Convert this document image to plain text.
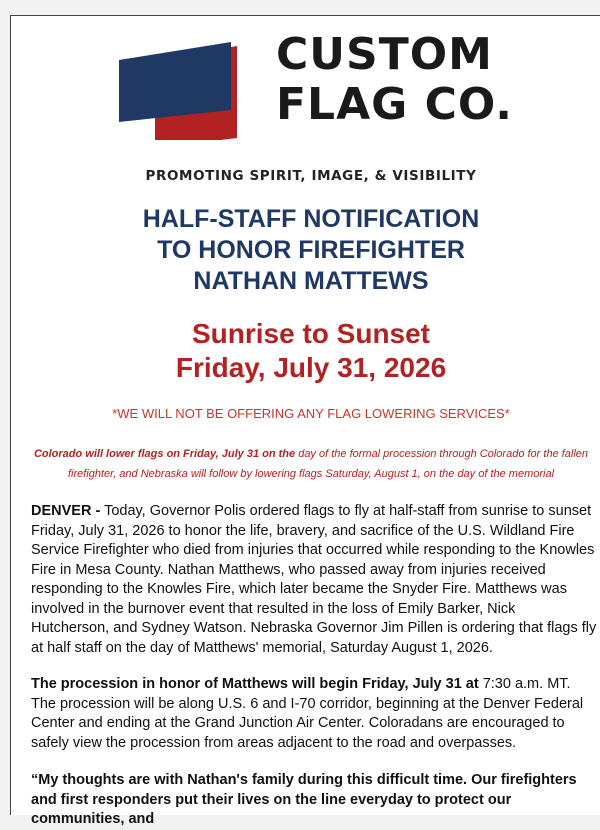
CUSTOM
FLAG CO.
PROMOTING SPIRIT, IMAGE, & VISIBILITY
HALF-STAFF NOTIFICATION
TO HONOR FIREFIGHTER
NATHAN MATTEWS
Sunrise to Sunset
Friday, July 31, 2026
*WE WILL NOT BE OFFERING ANY FLAG LOWERING SERVICES*
Colorado will lower flags on Friday, July 31 on the day of the formal procession through Colorado for the fallen firefighter, and Nebraska will follow by lowering flags Saturday, August 1, on the day of the memorial
DENVER - Today, Governor Polis ordered flags to fly at half-staff from sunrise to sunset Friday, July 31, 2026 to honor the life, bravery, and sacrifice of the U.S. Wildland Fire Service Firefighter who died from injuries that occurred while responding to the Knowles Fire in Mesa County. Nathan Matthews, who passed away from injuries received responding to the Knowles Fire, which later became the Snyder Fire. Matthews was involved in the burnover event that resulted in the loss of Emily Barker, Nick Hutcherson, and Sydney Watson. Nebraska Governor Jim Pillen is ordering that flags fly at half staff on the day of Matthews' memorial, Saturday August 1, 2026.
The procession in honor of Matthews will begin Friday, July 31 at 7:30 a.m. MT. The procession will be along U.S. 6 and I-70 corridor, beginning at the Denver Federal Center and ending at the Grand Junction Air Center. Coloradans are encouraged to safely view the procession from areas adjacent to the road and overpasses.
“My thoughts are with Nathan's family during this difficult time. Our firefighters and first responders put their lives on the line everyday to protect our communities, and
